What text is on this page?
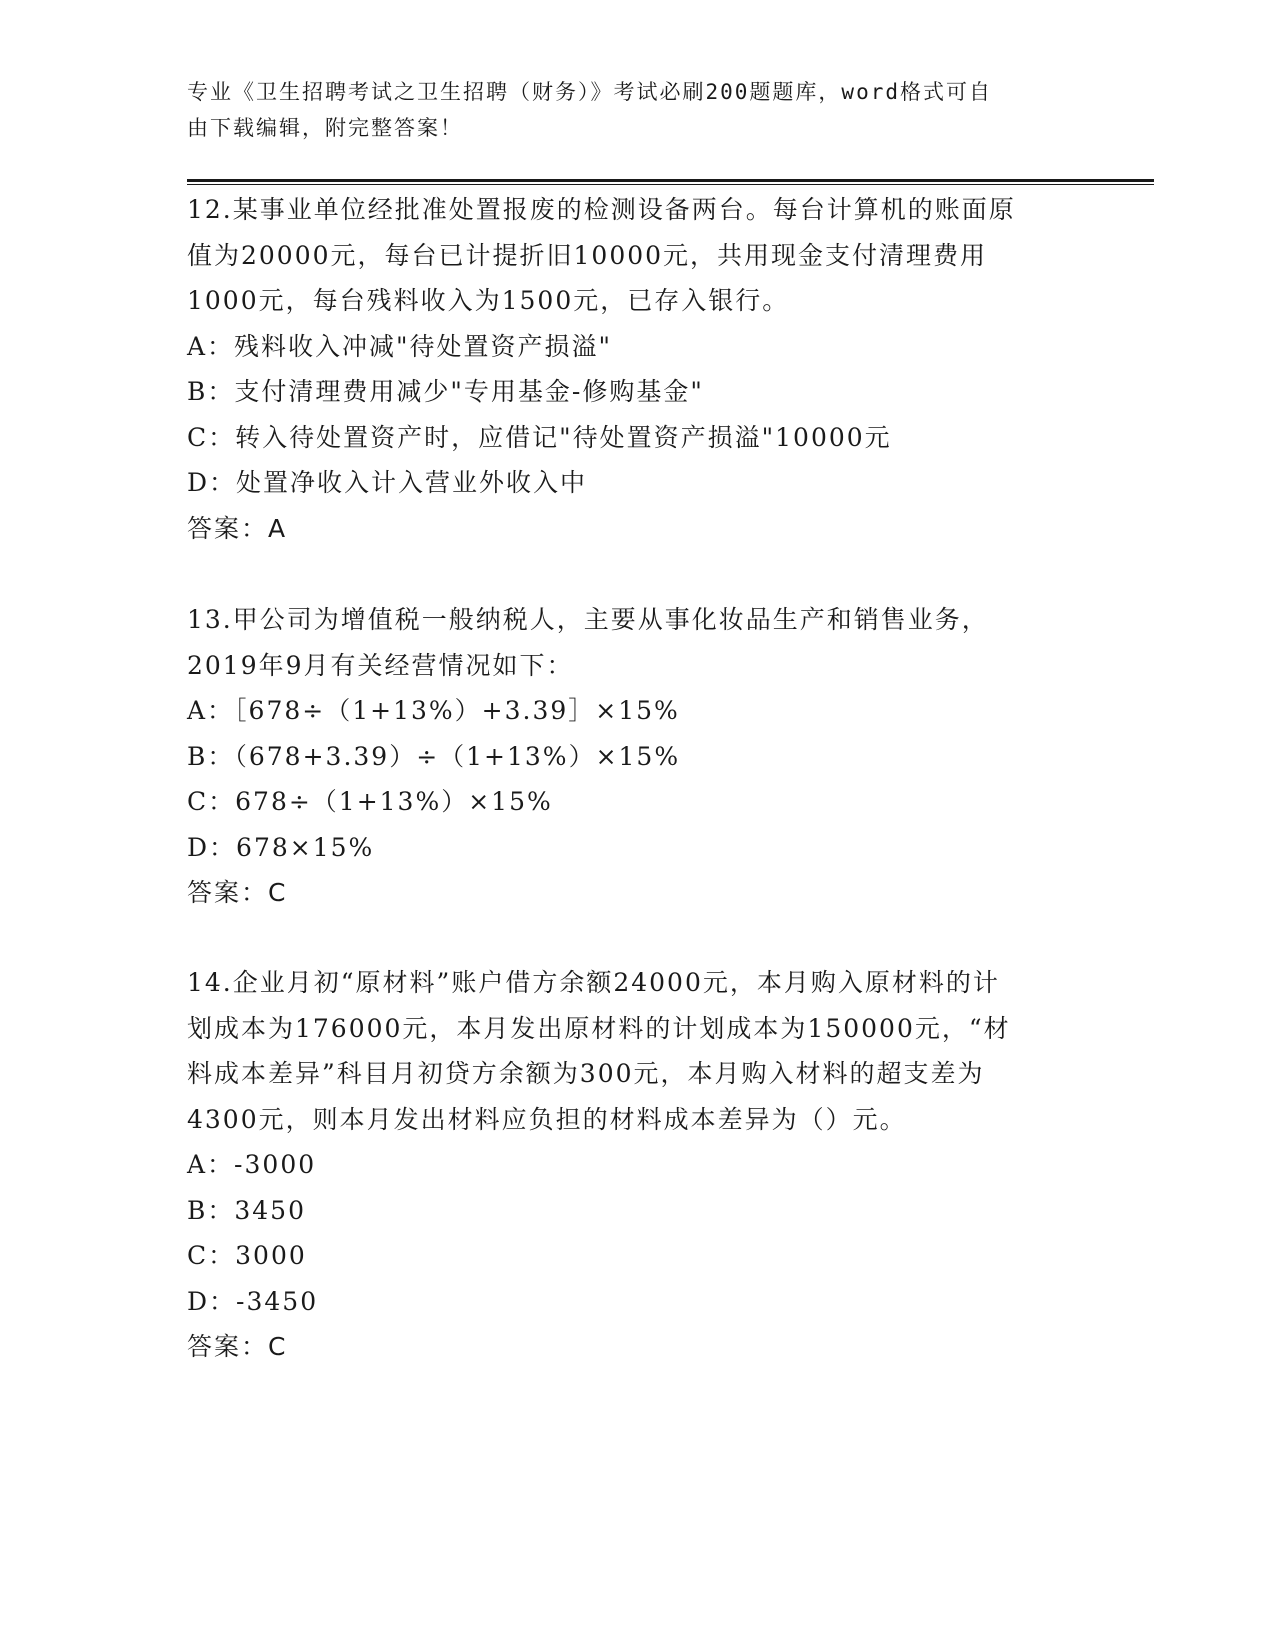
专业《卫生招聘考试之卫生招聘（财务）》考试必刷200题题库，word格式可自
由下载编辑，附完整答案！

12.某事业单位经批准处置报废的检测设备两台。每台计算机的账面原

值为20000元，每台已计提折旧10000元，共用现金支付清理费用

1000元，每台残料收入为1500元，已存入银行。

A：残料收入冲减"待处置资产损溢"

B：支付清理费用减少"专用基金-修购基金"

C：转入待处置资产时，应借记"待处置资产损溢"10000元

D：处置净收入计入营业外收入中

答案：A

13.甲公司为增值税一般纳税人，主要从事化妆品生产和销售业务，

2019年9月有关经营情况如下：

A：［678÷（1+13%）+3.39］×15%

B：（678+3.39）÷（1+13%）×15%

C：678÷（1+13%）×15%

D：678×15%

答案：C

14.企业月初“原材料”账户借方余额24000元，本月购入原材料的计

划成本为176000元，本月发出原材料的计划成本为150000元，“材

料成本差异”科目月初贷方余额为300元，本月购入材料的超支差为

4300元，则本月发出材料应负担的材料成本差异为（）元。

A：-3000

B：3450

C：3000

D：-3450

答案：C
